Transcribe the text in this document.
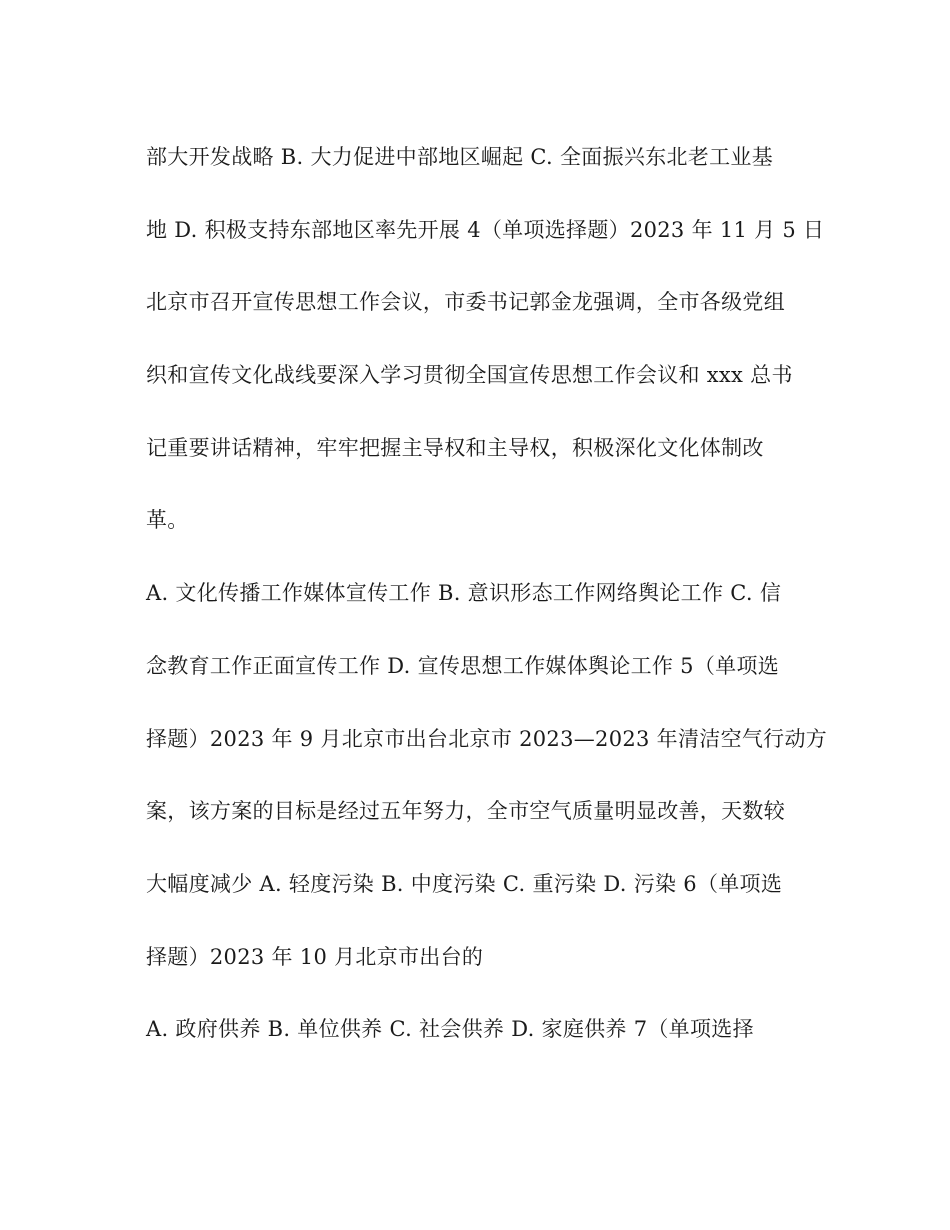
部大开发战略 B. 大力促进中部地区崛起 C. 全面振兴东北老工业基
地 D. 积极支持东部地区率先开展 4（单项选择题）2023 年 11 月 5 日
北京市召开宣传思想工作会议，市委书记郭金龙强调，全市各级党组
织和宣传文化战线要深入学习贯彻全国宣传思想工作会议和 xxx 总书
记重要讲话精神，牢牢把握主导权和主导权，积极深化文化体制改
革。
A. 文化传播工作媒体宣传工作 B. 意识形态工作网络舆论工作 C. 信
念教育工作正面宣传工作 D. 宣传思想工作媒体舆论工作 5（单项选
择题）2023 年 9 月北京市出台北京市 2023—2023 年清洁空气行动方
案，该方案的目标是经过五年努力，全市空气质量明显改善，天数较
大幅度减少 A. 轻度污染 B. 中度污染 C. 重污染 D. 污染 6（单项选
择题）2023 年 10 月北京市出台的
A. 政府供养 B. 单位供养 C. 社会供养 D. 家庭供养 7（单项选择
